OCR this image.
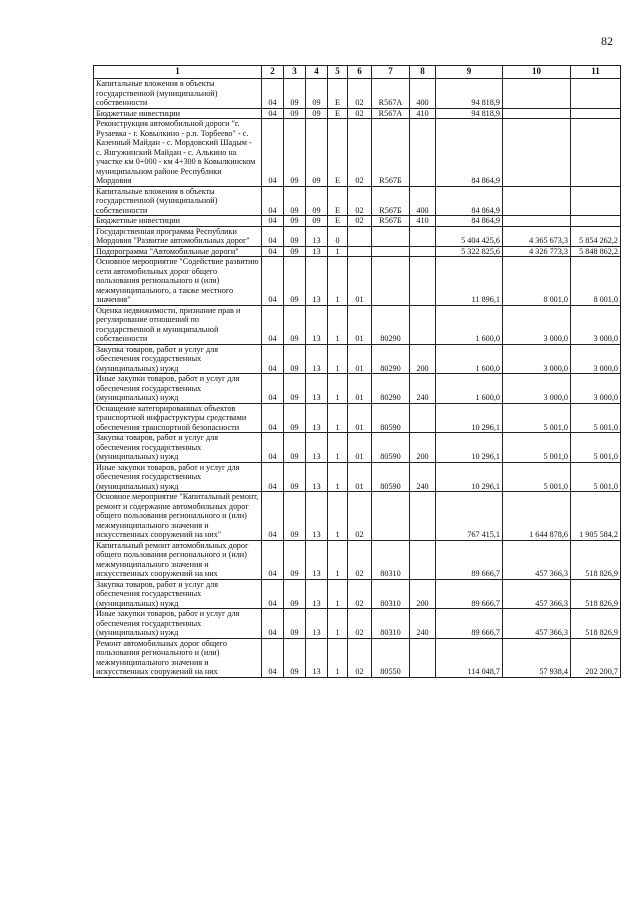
82
1	2	3	4	5	6	7	8	9	10	11
Капитальные вложения в объекты государственной (муниципальной) собственности	04	09	09	Е	02	R567А	400	94 818,9		
Бюджетные инвестиции	04	09	09	Е	02	R567А	410	94 818,9		
Реконструкция автомобильной дороги "г. Рузаевка - г. Ковылкино - р.п. Торбеево" - с. Казенный Майдан - с. Мордовский Шадым - с. Янгужинский Майдан - с. Алькино на участке км 0+000 - км 4+300 в Ковылкинском муниципальном районе Республики Мордовия	04	09	09	Е	02	R567Б		84 864,9		
Капитальные вложения в объекты государственной (муниципальной) собственности	04	09	09	Е	02	R567Б	400	84 864,9		
Бюджетные инвестиции	04	09	09	Е	02	R567Б	410	84 864,9		
Государственная программа Республики Мордовия "Развитие автомобильных дорог"	04	09	13	0				5 404 425,6	4 365 673,3	5 854 262,2
Подпрограмма "Автомобильные дороги"	04	09	13	1				5 322 825,6	4 326 773,3	5 848 862,2
Основное мероприятие "Содействие развитию сети автомобильных дорог общего пользования регионального и (или) межмуниципального, а также местного значения"	04	09	13	1	01			11 896,1	8 001,0	8 001,0
Оценка недвижимости, признание прав и регулирование отношений по государственной и муниципальной собственности	04	09	13	1	01	80290		1 600,0	3 000,0	3 000,0
Закупка товаров, работ и услуг для обеспечения государственных (муниципальных) нужд	04	09	13	1	01	80290	200	1 600,0	3 000,0	3 000,0
Иные закупки товаров, работ и услуг для обеспечения государственных (муниципальных) нужд	04	09	13	1	01	80290	240	1 600,0	3 000,0	3 000,0
Оснащение категорированных объектов транспортной инфраструктуры средствами обеспечения транспортной безопасности	04	09	13	1	01	80590		10 296,1	5 001,0	5 001,0
Закупка товаров, работ и услуг для обеспечения государственных (муниципальных) нужд	04	09	13	1	01	80590	200	10 296,1	5 001,0	5 001,0
Иные закупки товаров, работ и услуг для обеспечения государственных (муниципальных) нужд	04	09	13	1	01	80590	240	10 296,1	5 001,0	5 001,0
Основное мероприятие "Капитальный ремонт, ремонт и содержание автомобильных дорог общего пользования регионального и (или) межмуниципального значения и искусственных сооружений на них"	04	09	13	1	02			767 415,1	1 644 878,6	1 905 584,2
Капитальный ремонт автомобильных дорог общего пользования регионального и (или) межмуниципального значения и искусственных сооружений на них	04	09	13	1	02	80310		89 666,7	457 366,3	518 826,9
Закупка товаров, работ и услуг для обеспечения государственных (муниципальных) нужд	04	09	13	1	02	80310	200	89 666,7	457 366,3	518 826,9
Иные закупки товаров, работ и услуг для обеспечения государственных (муниципальных) нужд	04	09	13	1	02	80310	240	89 666,7	457 366,3	518 826,9
Ремонт автомобильных дорог общего пользования регионального и (или) межмуниципального значения и искусственных сооружений на них	04	09	13	1	02	80550		114 048,7	57 938,4	202 200,7
